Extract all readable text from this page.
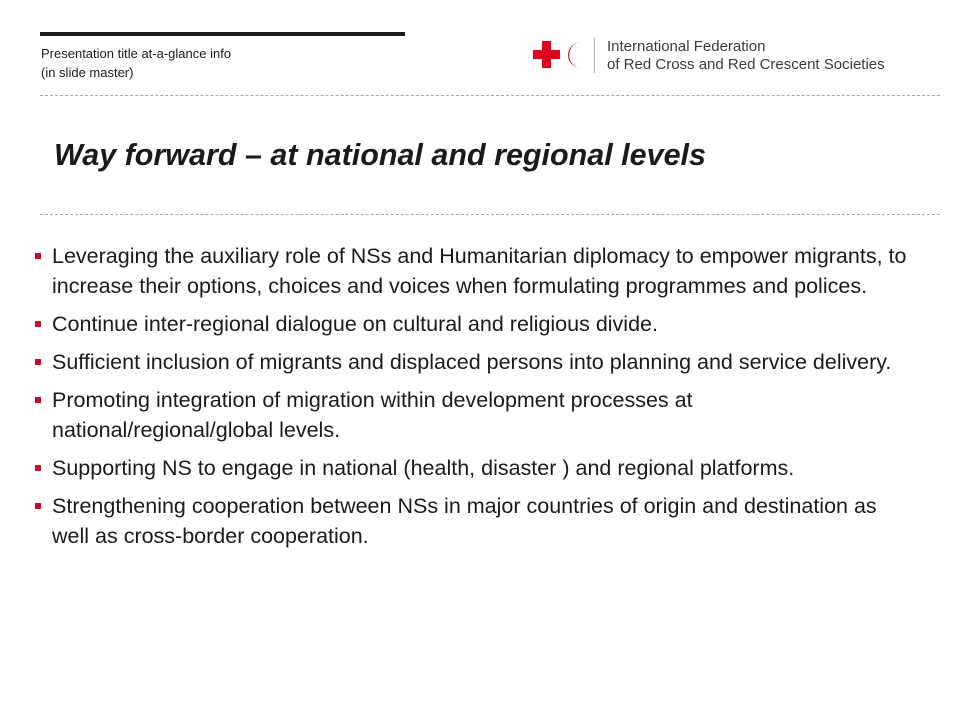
Presentation title at-a-glance info
(in slide master)
International Federation
of Red Cross and Red Crescent Societies
Way forward – at national and regional levels
Leveraging the auxiliary role of NSs and Humanitarian diplomacy to empower migrants, to increase their options, choices and voices when formulating programmes and polices.
Continue inter-regional dialogue on cultural and religious divide.
Sufficient inclusion of migrants and displaced persons into planning and service delivery.
Promoting integration of migration within development processes at national/regional/global levels.
Supporting NS to engage in national (health, disaster ) and regional platforms.
Strengthening cooperation between NSs in major countries of origin and destination as well as cross-border cooperation.
